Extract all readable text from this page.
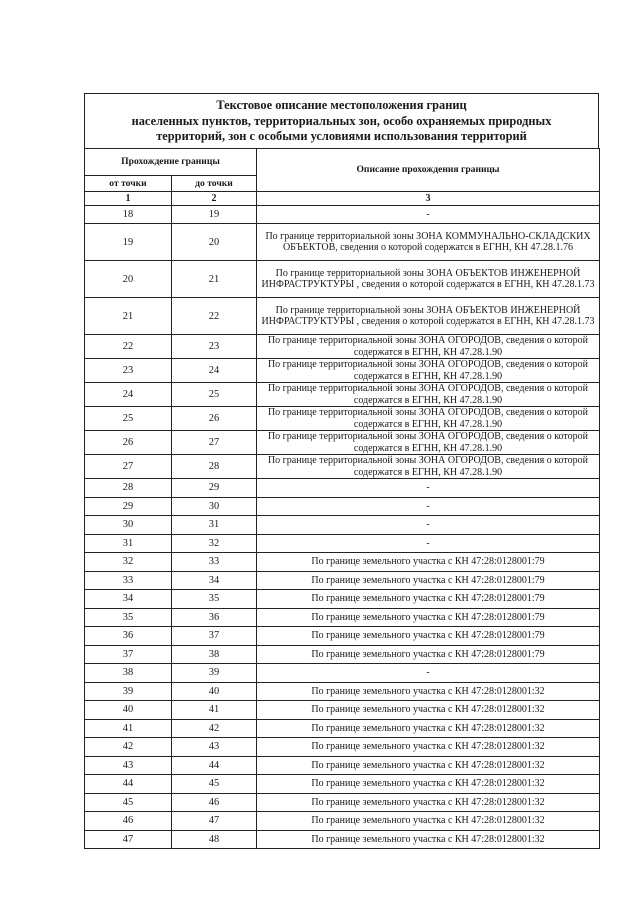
Текстовое описание местоположения границ
населенных пунктов, территориальных зон, особо охраняемых природных
территорий, зон с особыми условиями использования территорий
Прохождение границы		Описание прохождения границы
от точки	до точки	
1	2	3
18	19	-
19	20	По границе территориальной зоны ЗОНА КОММУНАЛЬНО-СКЛАДСКИХ ОБЪЕКТОВ, сведения о которой содержатся в ЕГНН, КН 47.28.1.76
20	21	По границе территориальной зоны ЗОНА ОБЪЕКТОВ ИНЖЕНЕРНОЙ ИНФРАСТРУКТУРЫ , сведения о которой содержатся в ЕГНН, КН 47.28.1.73
21	22	По границе территориальной зоны ЗОНА ОБЪЕКТОВ ИНЖЕНЕРНОЙ ИНФРАСТРУКТУРЫ , сведения о которой содержатся в ЕГНН, КН 47.28.1.73
22	23	По границе территориальной зоны ЗОНА ОГОРОДОВ, сведения о которой содержатся в ЕГНН, КН 47.28.1.90
23	24	По границе территориальной зоны ЗОНА ОГОРОДОВ, сведения о которой содержатся в ЕГНН, КН 47.28.1.90
24	25	По границе территориальной зоны ЗОНА ОГОРОДОВ, сведения о которой содержатся в ЕГНН, КН 47.28.1.90
25	26	По границе территориальной зоны ЗОНА ОГОРОДОВ, сведения о которой содержатся в ЕГНН, КН 47.28.1.90
26	27	По границе территориальной зоны ЗОНА ОГОРОДОВ, сведения о которой содержатся в ЕГНН, КН 47.28.1.90
27	28	По границе территориальной зоны ЗОНА ОГОРОДОВ, сведения о которой содержатся в ЕГНН, КН 47.28.1.90
28	29	-
29	30	-
30	31	-
31	32	-
32	33	По границе земельного участка с КН 47:28:0128001:79
33	34	По границе земельного участка с КН 47:28:0128001:79
34	35	По границе земельного участка с КН 47:28:0128001:79
35	36	По границе земельного участка с КН 47:28:0128001:79
36	37	По границе земельного участка с КН 47:28:0128001:79
37	38	По границе земельного участка с КН 47:28:0128001:79
38	39	-
39	40	По границе земельного участка с КН 47:28:0128001:32
40	41	По границе земельного участка с КН 47:28:0128001:32
41	42	По границе земельного участка с КН 47:28:0128001:32
42	43	По границе земельного участка с КН 47:28:0128001:32
43	44	По границе земельного участка с КН 47:28:0128001:32
44	45	По границе земельного участка с КН 47:28:0128001:32
45	46	По границе земельного участка с КН 47:28:0128001:32
46	47	По границе земельного участка с КН 47:28:0128001:32
47	48	По границе земельного участка с КН 47:28:0128001:32
